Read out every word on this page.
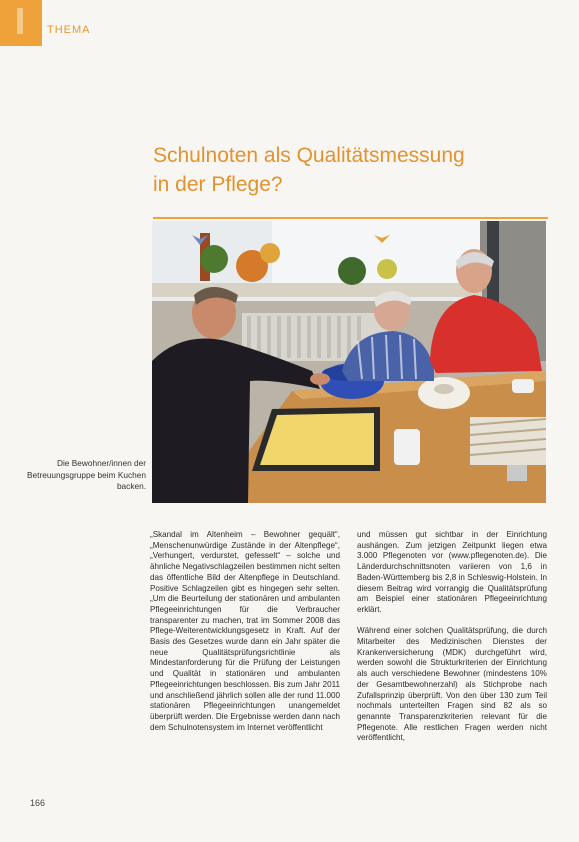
THEMA
Schulnoten als Qualitätsmessung
in der Pflege?
Die Bewohner/innen der Betreuungsgruppe beim Kuchen backen.

„Skandal im Altenheim – Bewohner gequält“, „Menschenunwürdige Zustände in der Altenpflege“, „Verhungert, verdurstet, gefesselt“ – solche und ähnliche Negativschlagzeilen bestimmen nicht selten das öffentliche Bild der Altenpflege in Deutschland. Positive Schlagzeilen gibt es hingegen sehr selten. „Um die Beurteilung der stationären und ambulanten Pflegeeinrichtungen für die Verbraucher transparenter zu machen, trat im Sommer 2008 das Pflege-Weiterentwicklungsgesetz in Kraft. Auf der Basis des Gesetzes wurde dann ein Jahr später die neue Qualitätsprüfungsrichtlinie als Mindestanforderung für die Prüfung der Leistungen und Qualität in stationären und ambulanten Pflegeeinrichtungen beschlossen. Bis zum Jahr 2011 und anschließend jährlich sollen alle der rund 11.000 stationären Pflegeeinrichtungen unangemeldet überprüft werden. Die Ergebnisse werden dann nach dem Schulnotensystem im Internet veröffentlicht

und müssen gut sichtbar in der Einrichtung aushängen. Zum jetzigen Zeitpunkt liegen etwa 3.000 Pflegenoten vor (www.pflegenoten.de). Die Länderdurchschnittsnoten variieren von 1,6 in Baden-Württemberg bis 2,8 in Schleswig-Holstein. In diesem Beitrag wird vorrangig die Qualitätsprüfung am Beispiel einer stationären Pflegeeinrichtung erklärt.

Während einer solchen Qualitätsprüfung, die durch Mitarbeiter des Medizinischen Dienstes der Krankenversicherung (MDK) durchgeführt wird, werden sowohl die Strukturkriterien der Einrichtung als auch verschiedene Bewohner (mindestens 10% der Gesamtbewohnerzahl) als Stichprobe nach Zufallsprinzip überprüft. Von den über 130 zum Teil nochmals unterteilten Fragen sind 82 als so genannte Transparenzkriterien relevant für die Pflegenote. Alle restlichen Fragen werden nicht veröffentlicht,

166
